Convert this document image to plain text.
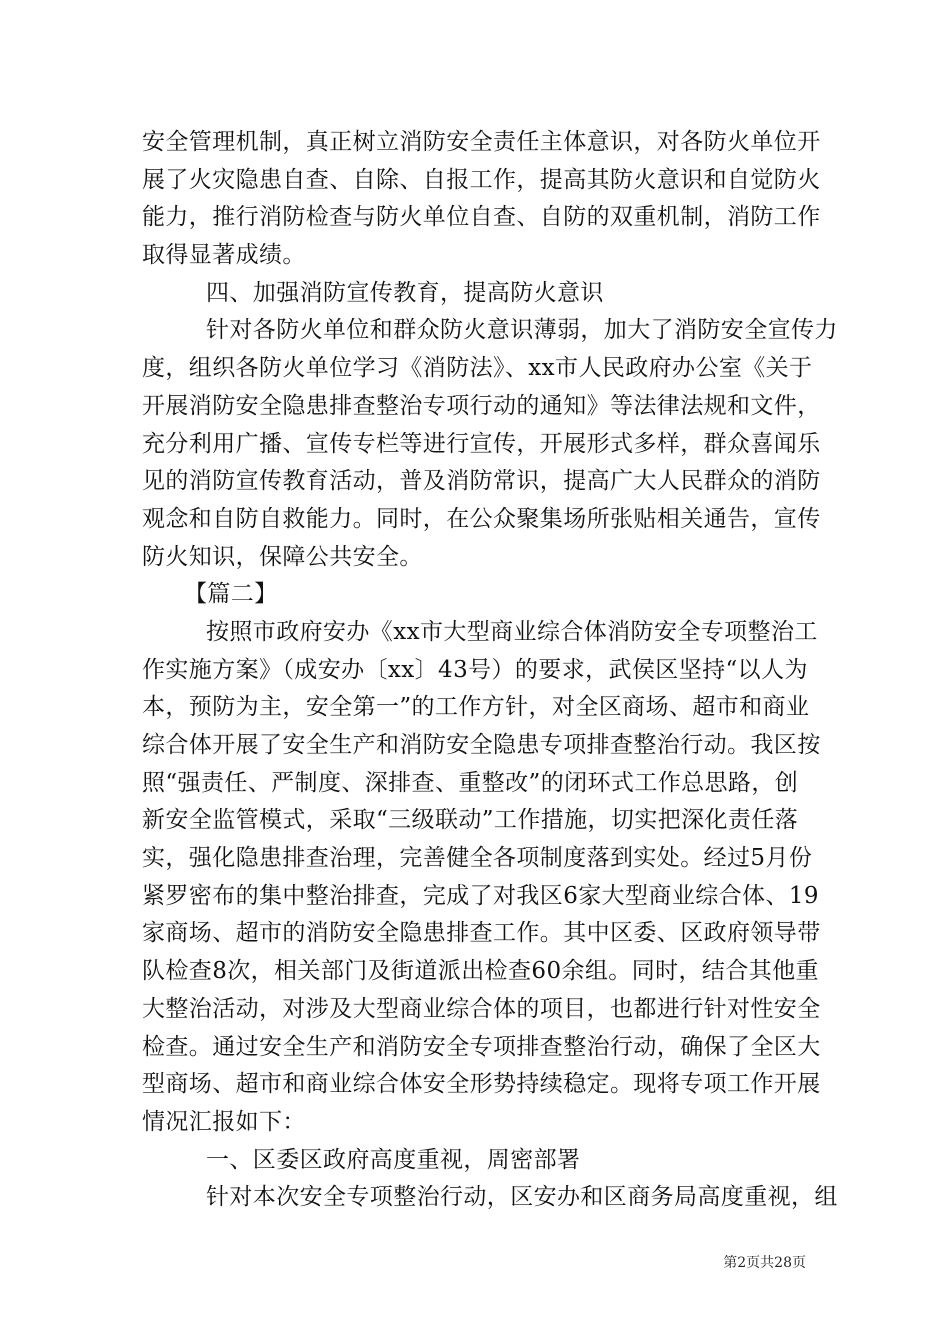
安全管理机制，真正树立消防安全责任主体意识，对各防火单位开
展了火灾隐患自查、自除、自报工作，提高其防火意识和自觉防火
能力，推行消防检查与防火单位自查、自防的双重机制，消防工作
取得显著成绩。
四、加强消防宣传教育，提高防火意识
针对各防火单位和群众防火意识薄弱，加大了消防安全宣传力
度，组织各防火单位学习《消防法》、xx市人民政府办公室《关于
开展消防安全隐患排查整治专项行动的通知》等法律法规和文件，
充分利用广播、宣传专栏等进行宣传，开展形式多样，群众喜闻乐
见的消防宣传教育活动，普及消防常识，提高广大人民群众的消防
观念和自防自救能力。同时，在公众聚集场所张贴相关通告，宣传
防火知识，保障公共安全。
【篇二】
按照市政府安办《xx市大型商业综合体消防安全专项整治工
作实施方案》（成安办〔xx〕43号）的要求，武侯区坚持“以人为
本，预防为主，安全第一”的工作方针，对全区商场、超市和商业
综合体开展了安全生产和消防安全隐患专项排查整治行动。我区按
照“强责任、严制度、深排查、重整改”的闭环式工作总思路，创
新安全监管模式，采取“三级联动”工作措施，切实把深化责任落
实，强化隐患排查治理，完善健全各项制度落到实处。经过5月份
紧罗密布的集中整治排查，完成了对我区6家大型商业综合体、19
家商场、超市的消防安全隐患排查工作。其中区委、区政府领导带
队检查8次，相关部门及街道派出检查60余组。同时，结合其他重
大整治活动，对涉及大型商业综合体的项目，也都进行针对性安全
检查。通过安全生产和消防安全专项排查整治行动，确保了全区大
型商场、超市和商业综合体安全形势持续稳定。现将专项工作开展
情况汇报如下：
一、区委区政府高度重视，周密部署
针对本次安全专项整治行动，区安办和区商务局高度重视，组
第2页共28页
